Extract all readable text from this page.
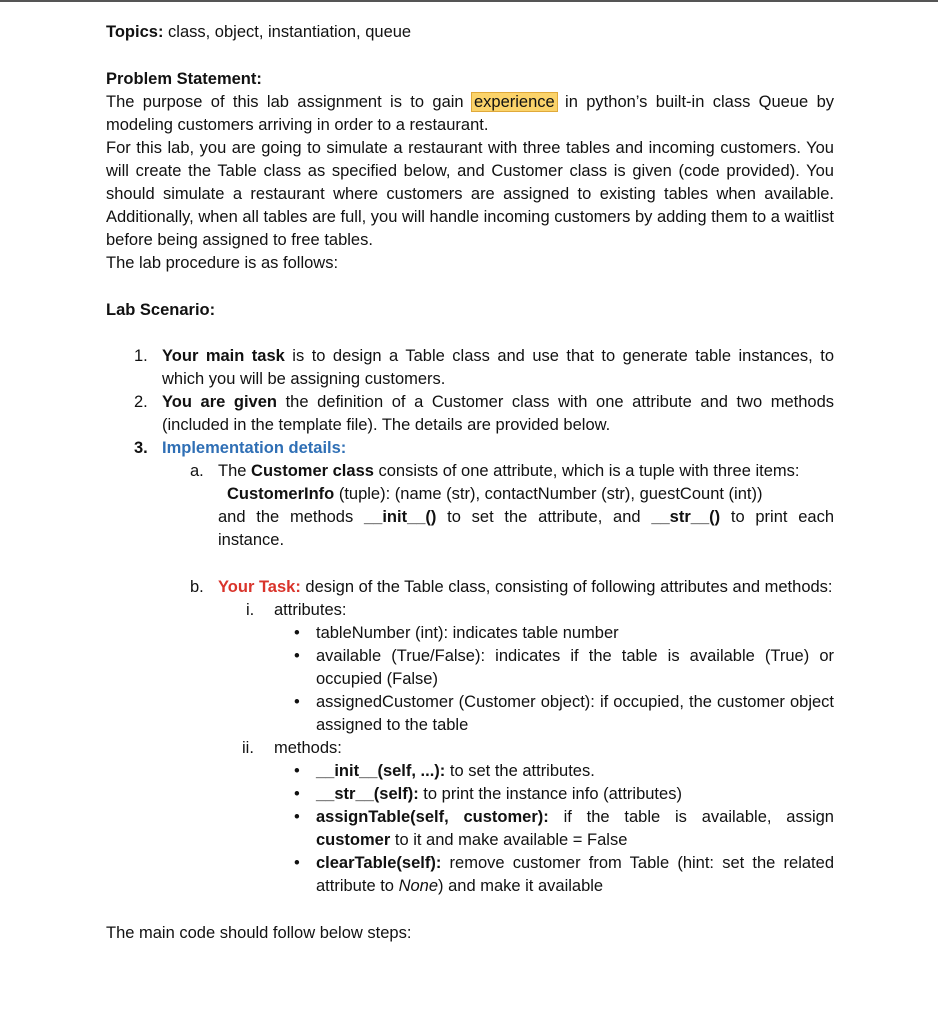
Topics: class, object, instantiation, queue

Problem Statement:

The purpose of this lab assignment is to gain experience in python’s built-in class Queue by modeling customers arriving in order to a restaurant.

For this lab, you are going to simulate a restaurant with three tables and incoming customers. You will create the Table class as specified below, and Customer class is given (code provided). You should simulate a restaurant where customers are assigned to existing tables when available. Additionally, when all tables are full, you will handle incoming customers by adding them to a waitlist before being assigned to free tables.

The lab procedure is as follows:

Lab Scenario:

1. Your main task is to design a Table class and use that to generate table instances, to which you will be assigning customers.

2. You are given the definition of a Customer class with one attribute and two methods (included in the template file). The details are provided below.

3. Implementation details:

a. The Customer class consists of one attribute, which is a tuple with three items:

CustomerInfo (tuple): (name (str), contactNumber (str), guestCount (int))

and the methods __init__() to set the attribute, and __str__() to print each

instance.

b. Your Task: design of the Table class, consisting of following attributes and methods:

i. attributes:

• tableNumber (int): indicates table number

• available (True/False): indicates if the table is available (True) or occupied (False)

• assignedCustomer (Customer object): if occupied, the customer object assigned to the table

ii. methods:

• __init__(self, ...): to set the attributes.

• __str__(self): to print the instance info (attributes)

• assignTable(self, customer): if the table is available, assign customer to it and make available = False

• clearTable(self): remove customer from Table (hint: set the related attribute to None) and make it available

The main code should follow below steps:
